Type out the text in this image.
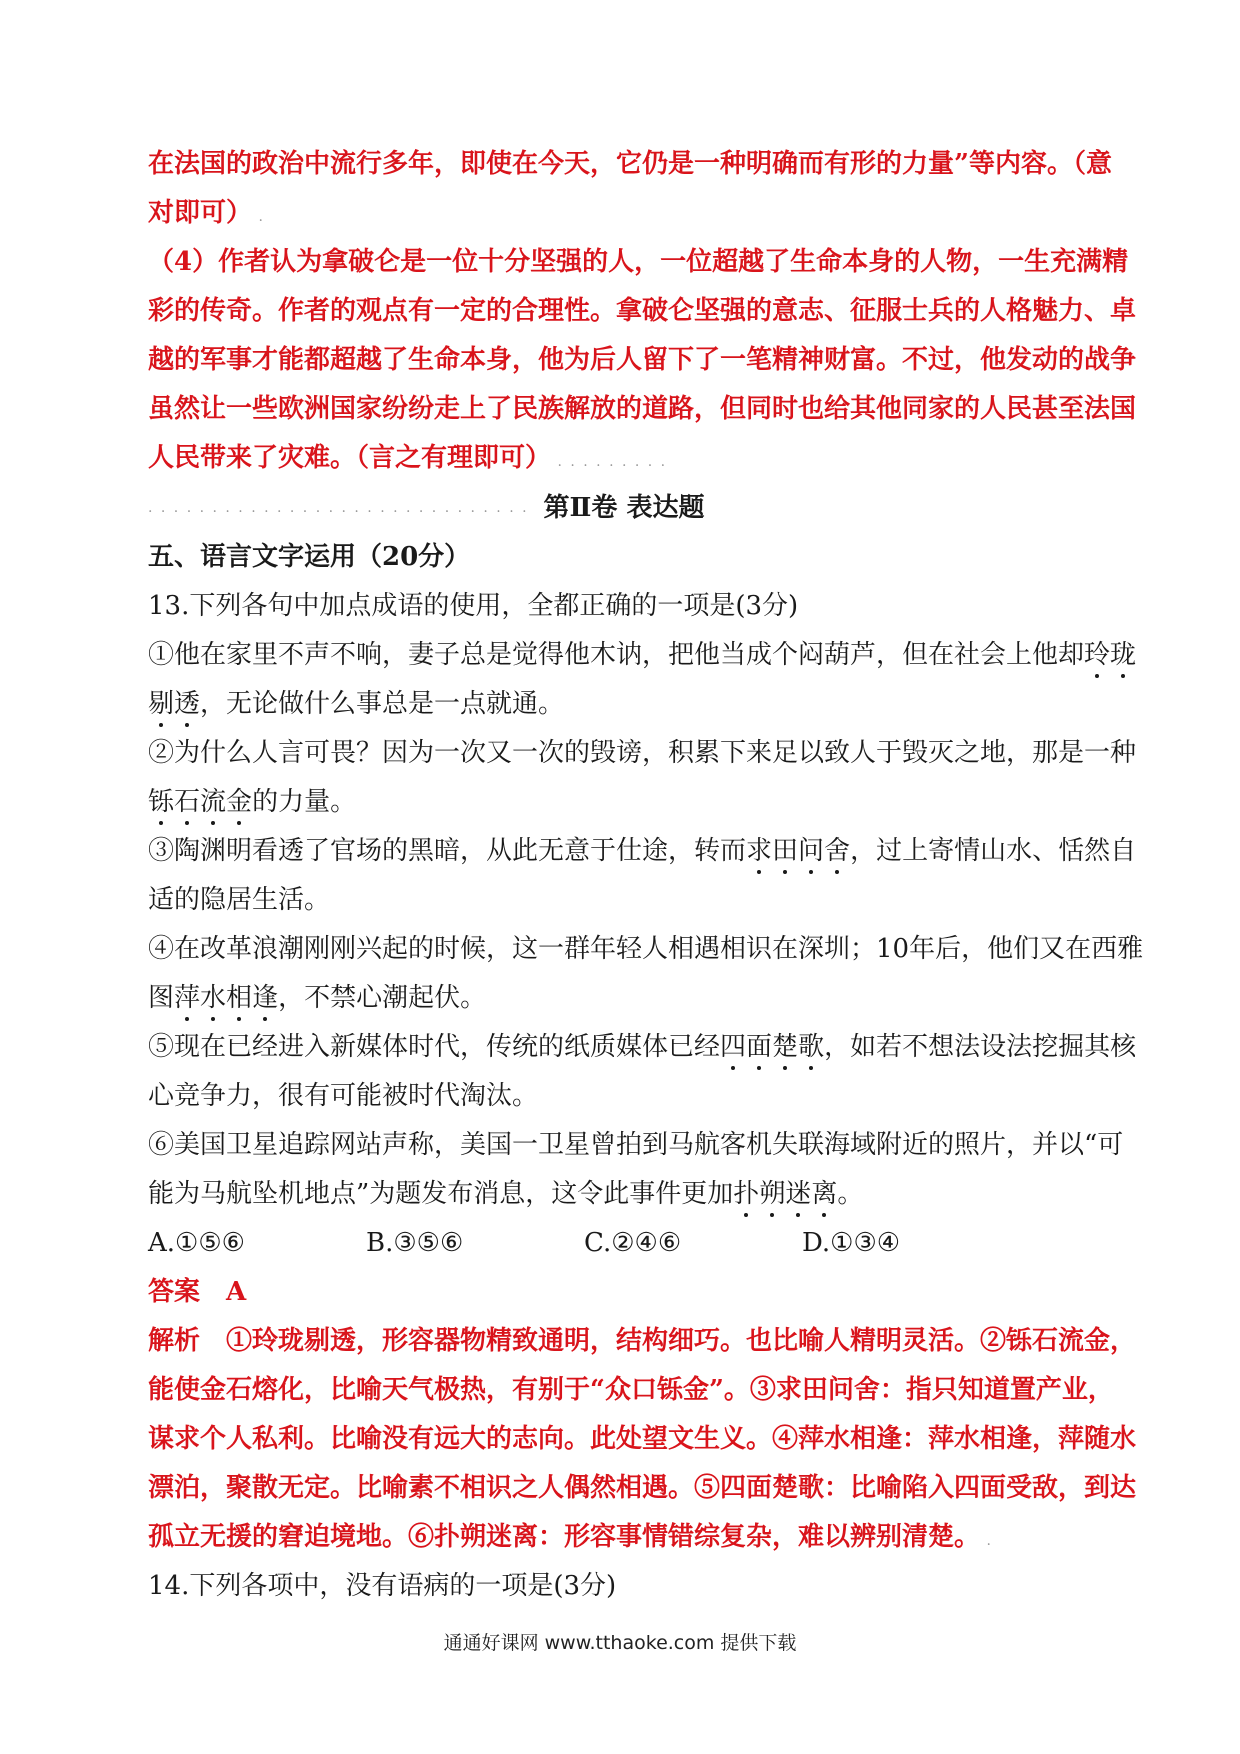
在法国的政治中流行多年，即使在今天，它仍是一种明确而有形的力量”等内容。（意
对即可） .
（4）作者认为拿破仑是一位十分坚强的人，一位超越了生命本身的人物，一生充满精
彩的传奇。作者的观点有一定的合理性。拿破仑坚强的意志、征服士兵的人格魅力、卓
越的军事才能都超越了生命本身，他为后人留下了一笔精神财富。不过，他发动的战争
虽然让一些欧洲国家纷纷走上了民族解放的道路，但同时也给其他同家的人民甚至法国
人民带来了灾难。（言之有理即可） . . . . . . . . .
. . . . . . . . . . . . . . . . . . . . . . . . . . . . . . 第Ⅱ卷 表达题
五、语言文字运用（20分）
13.下列各句中加点成语的使用，全都正确的一项是(3分)
①他在家里不声不响，妻子总是觉得他木讷，把他当成个闷葫芦，但在社会上他却玲珑
剔透，无论做什么事总是一点就通。
②为什么人言可畏？因为一次又一次的毁谤，积累下来足以致人于毁灭之地，那是一种
铄石流金的力量。
③陶渊明看透了官场的黑暗，从此无意于仕途，转而求田问舍，过上寄情山水、恬然自
适的隐居生活。
④在改革浪潮刚刚兴起的时候，这一群年轻人相遇相识在深圳；10年后，他们又在西雅
图萍水相逢，不禁心潮起伏。
⑤现在已经进入新媒体时代，传统的纸质媒体已经四面楚歌，如若不想法设法挖掘其核
心竞争力，很有可能被时代淘汰。
⑥美国卫星追踪网站声称，美国一卫星曾拍到马航客机失联海域附近的照片，并以“可
能为马航坠机地点”为题发布消息，这令此事件更加扑朔迷离。
A.①⑤⑥	B.③⑤⑥	C.②④⑥	D.①③④
答案　A
解析　①玲珑剔透，形容器物精致通明，结构细巧。也比喻人精明灵活。②铄石流金，
能使金石熔化，比喻天气极热，有别于“众口铄金”。③求田问舍：指只知道置产业，
谋求个人私利。比喻没有远大的志向。此处望文生义。④萍水相逢：萍水相逢，萍随水
漂泊，聚散无定。比喻素不相识之人偶然相遇。⑤四面楚歌：比喻陷入四面受敌，到达
孤立无援的窘迫境地。⑥扑朔迷离：形容事情错综复杂，难以辨别清楚。 .
14.下列各项中，没有语病的一项是(3分)
通通好课网 www.tthaoke.com 提供下载
